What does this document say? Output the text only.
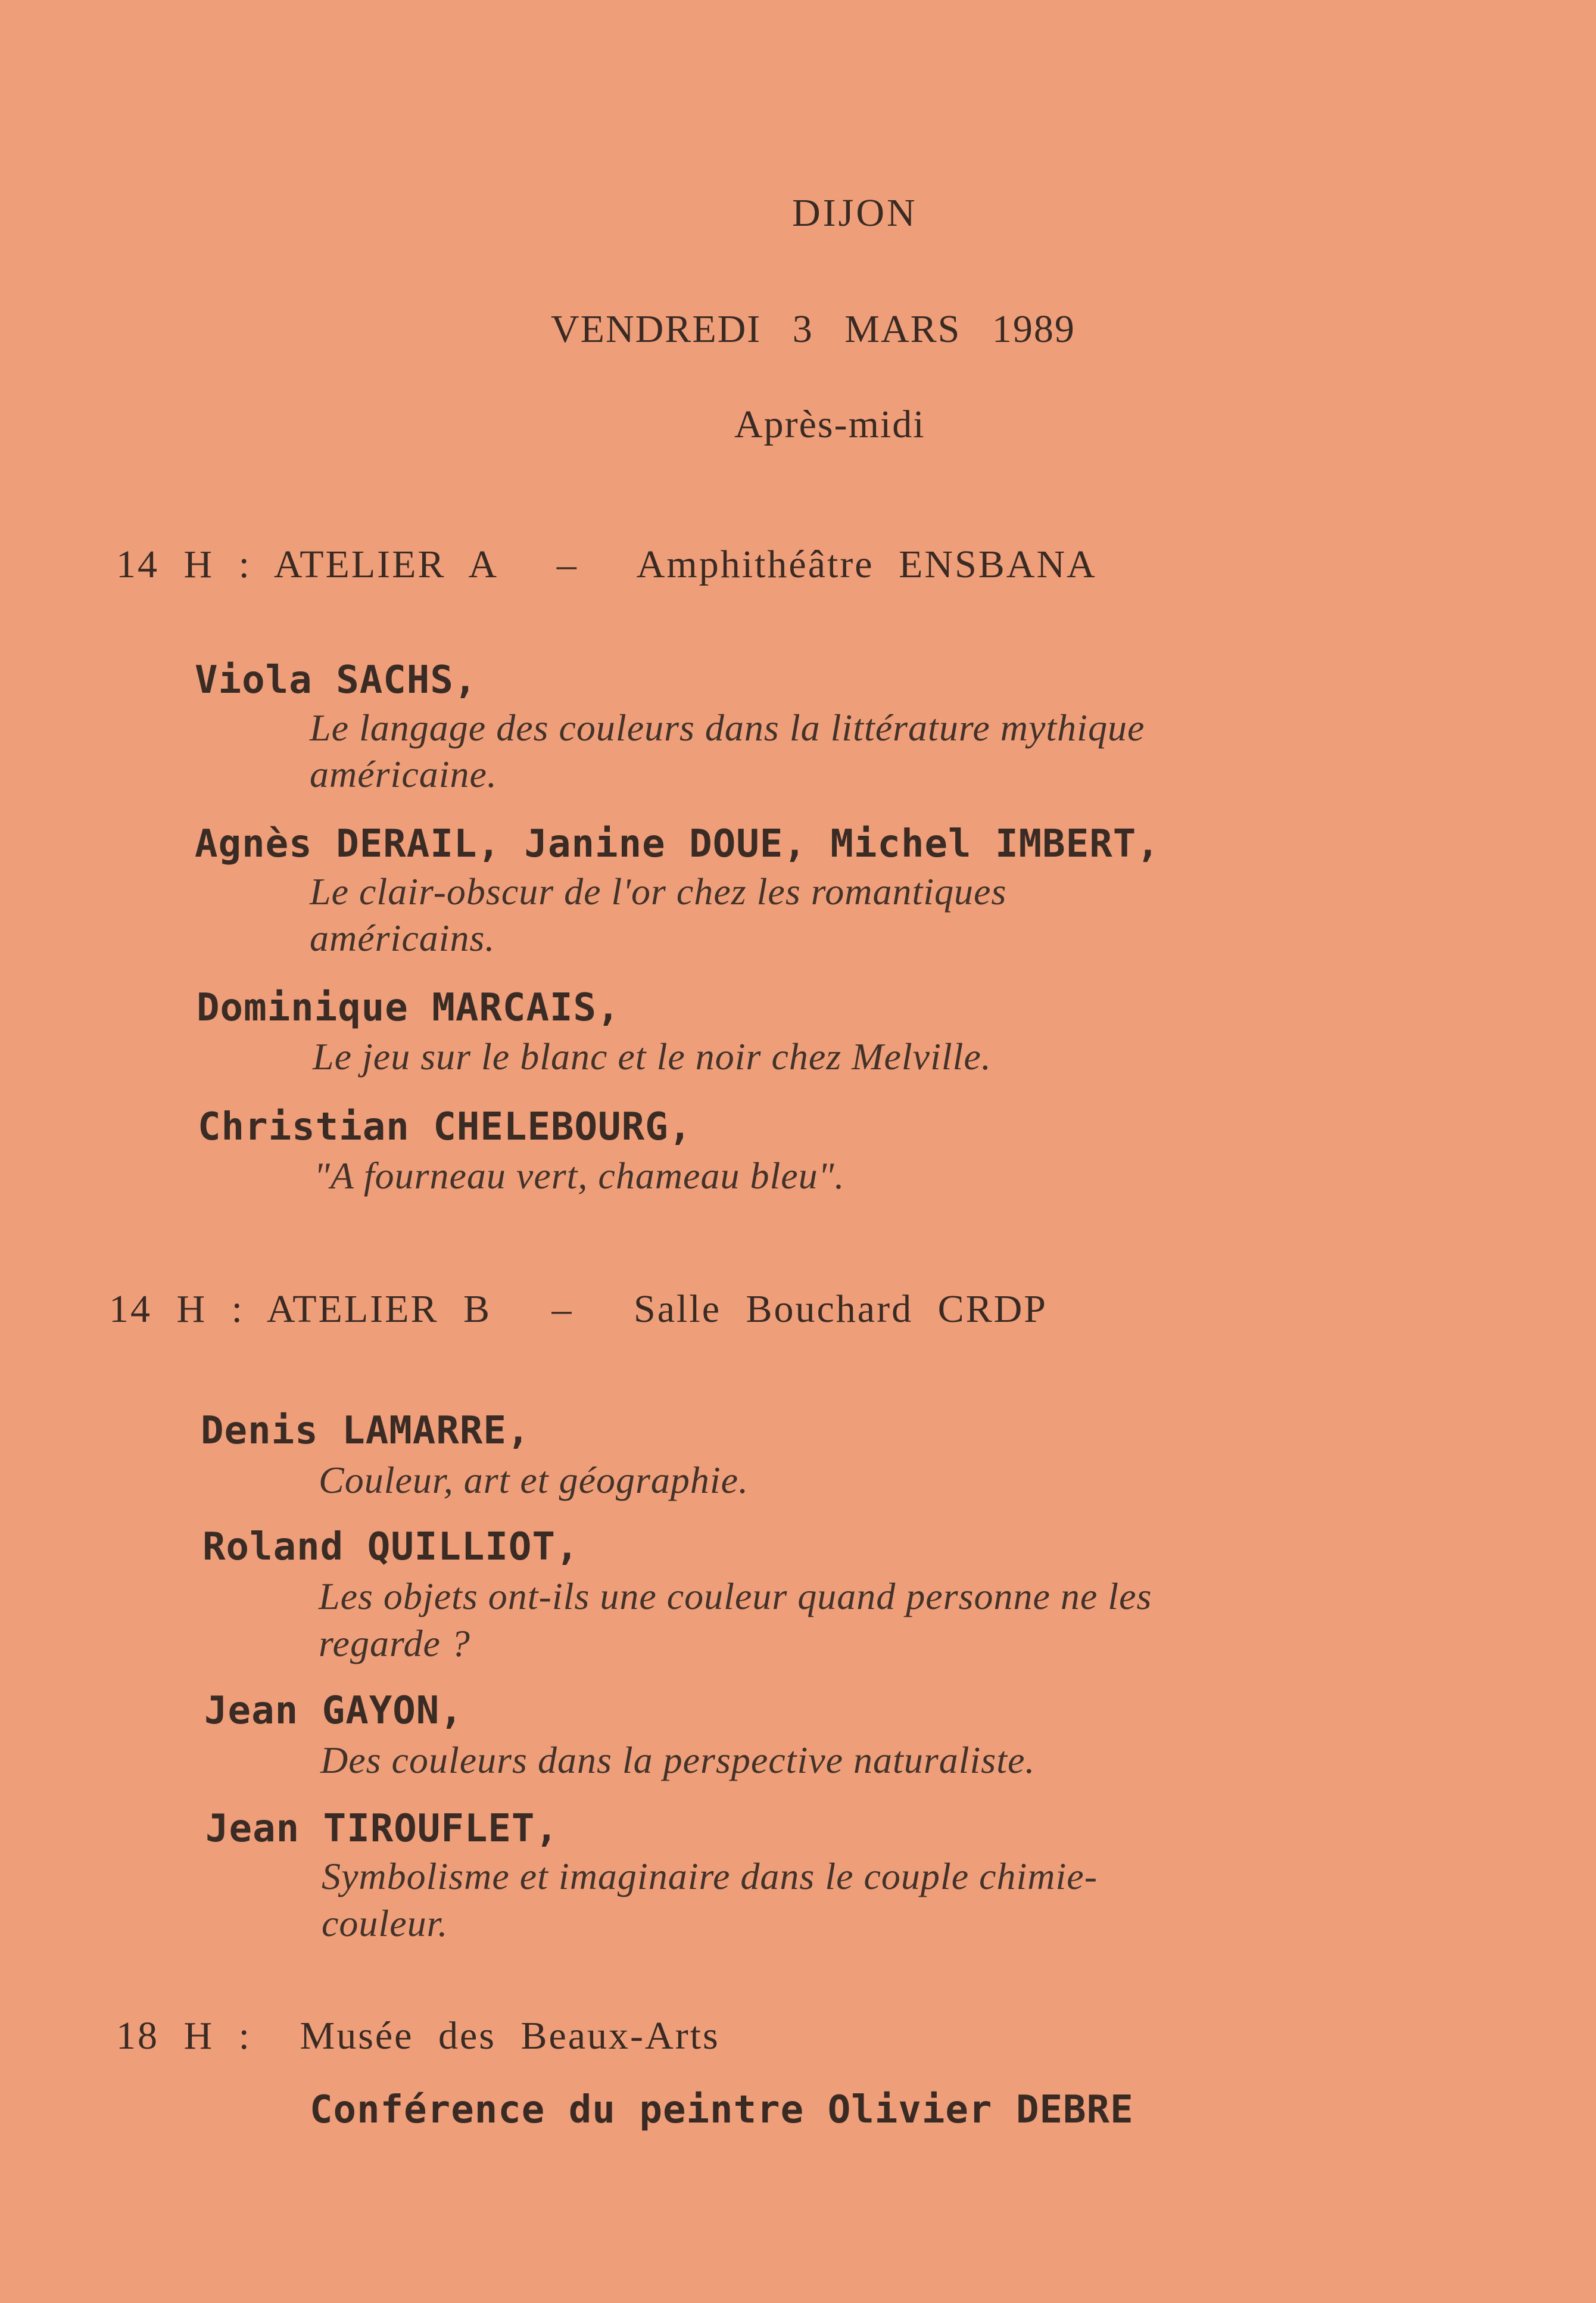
DIJON
VENDREDI 3 MARS 1989
Après-midi
14 H : ATELIER A – Amphithéâtre ENSBANA
Viola SACHS,
Le langage des couleurs dans la littérature mythique
américaine.
Agnès DERAIL, Janine DOUE, Michel IMBERT,
Le clair-obscur de l'or chez les romantiques
américains.
Dominique MARCAIS,
Le jeu sur le blanc et le noir chez Melville.
Christian CHELEBOURG,
"A fourneau vert, chameau bleu".
14 H : ATELIER B – Salle Bouchard CRDP
Denis LAMARRE,
Couleur, art et géographie.
Roland QUILLIOT,
Les objets ont-ils une couleur quand personne ne les
regarde ?
Jean GAYON,
Des couleurs dans la perspective naturaliste.
Jean TIROUFLET,
Symbolisme et imaginaire dans le couple chimie-
couleur.
18 H : Musée des Beaux-Arts
Conférence du peintre Olivier DEBRE
